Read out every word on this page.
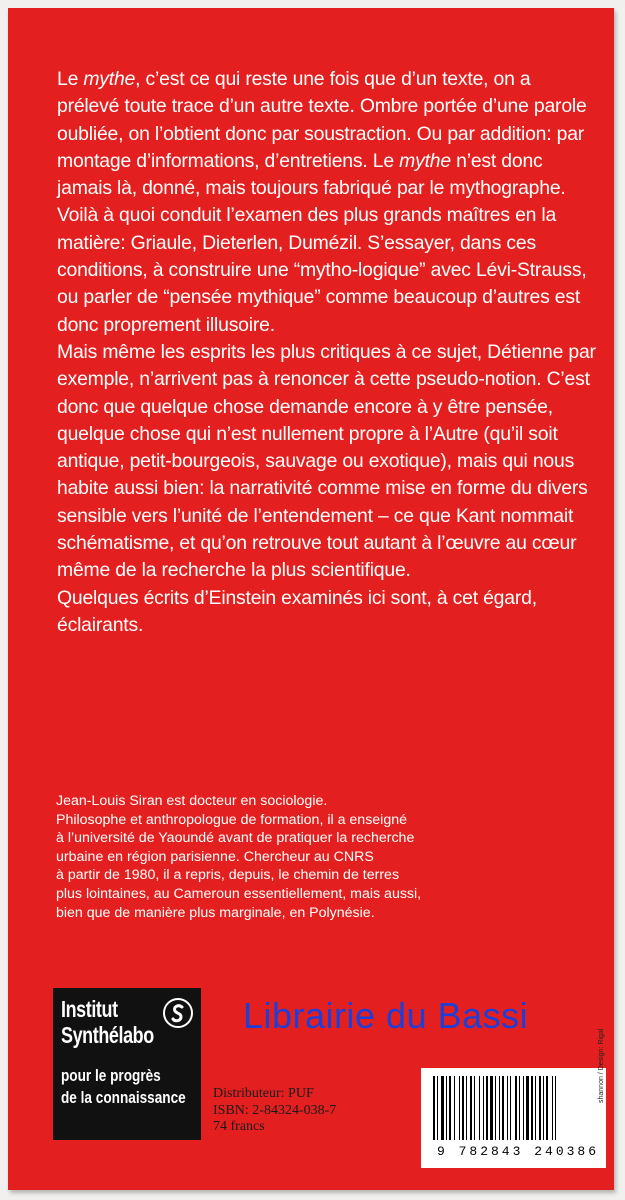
Le mythe, c’est ce qui reste une fois que d’un texte, on a prélevé toute trace d’un autre texte. Ombre portée d’une parole oubliée, on l’obtient donc par soustraction. Ou par addition: par montage d’informations, d’entretiens. Le mythe n’est donc jamais là, donné, mais toujours fabriqué par le mythographe. Voilà à quoi conduit l’examen des plus grands maîtres en la matière: Griaule, Dieterlen, Dumézil. S’essayer, dans ces conditions, à construire une “mytho-logique” avec Lévi-Strauss, ou parler de “pensée mythique” comme beaucoup d’autres est donc proprement illusoire.

Mais même les esprits les plus critiques à ce sujet, Détienne par exemple, n’arrivent pas à renoncer à cette pseudo-notion. C’est donc que quelque chose demande encore à y être pensée, quelque chose qui n’est nullement propre à l’Autre (qu’il soit antique, petit-bourgeois, sauvage ou exotique), mais qui nous habite aussi bien: la narrativité comme mise en forme du divers sensible vers l’unité de l’entendement – ce que Kant nommait schématisme, et qu’on retrouve tout autant à l’œuvre au cœur même de la recherche la plus scientifique.

Quelques écrits d’Einstein examinés ici sont, à cet égard, éclairants.

Jean-Louis Siran est docteur en sociologie.
Philosophe et anthropologue de formation, il a enseigné
à l’université de Yaoundé avant de pratiquer la recherche
urbaine en région parisienne. Chercheur au CNRS
à partir de 1980, il a repris, depuis, le chemin de terres
plus lointaines, au Cameroun essentiellement, mais aussi,
bien que de manière plus marginale, en Polynésie.
Institut
Synthélabo
pour le progrès
de la connaissance Distributeur: PUF
ISBN: 2-84324-038-7
74 francs
9 782843 240386
shannon / Design: Rigal
Librairie du Bassi
